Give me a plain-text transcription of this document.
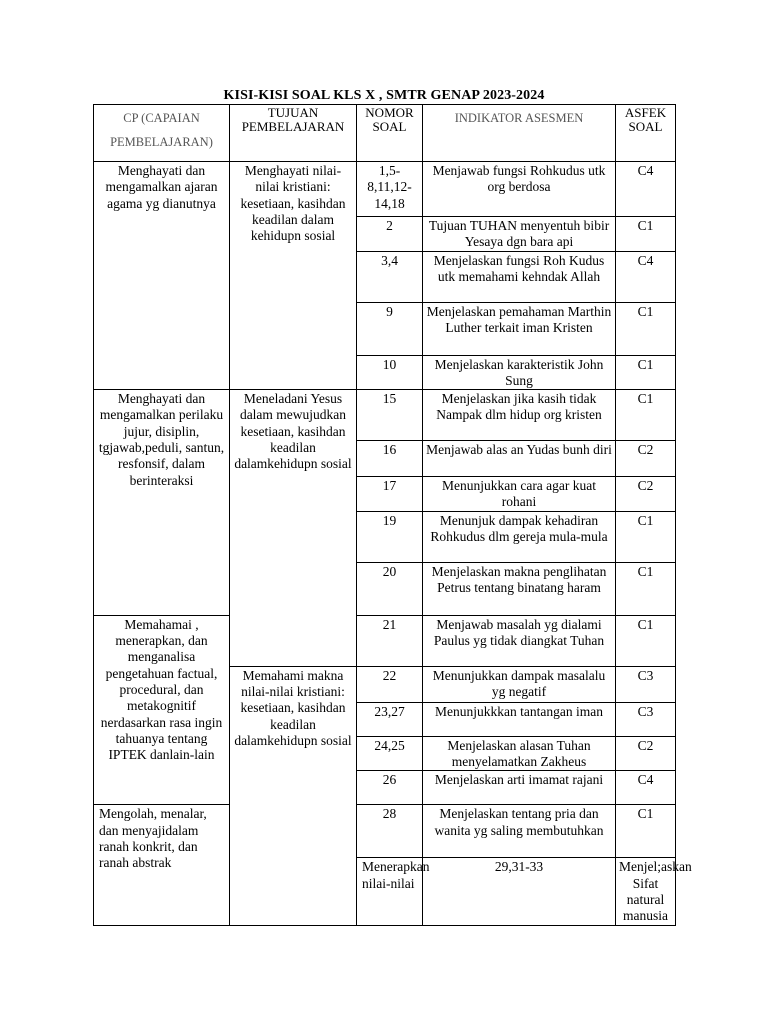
KISI-KISI SOAL KLS X , SMTR GENAP 2023-2024
CP (CAPAIAN PEMBELAJARAN)	TUJUAN PEMBELAJARAN	NOMOR SOAL	INDIKATOR ASESMEN	ASFEK SOAL	
Menghayati dan mengamalkan ajaran agama yg dianutnya	Menghayati nilai-nilai kristiani: kesetiaan, kasihdan keadilan dalam kehidupn sosial	1,5-8,11,12-14,18	Menjawab fungsi Rohkudus utk org berdosa	C4	
		2	Tujuan TUHAN menyentuh bibir Yesaya dgn bara api	C1	
		3,4	Menjelaskan fungsi Roh Kudus utk memahami kehndak Allah	C4	
		9	Menjelaskan pemahaman Marthin Luther terkait iman Kristen	C1	
		10	Menjelaskan karakteristik John Sung	C1	
Menghayati dan mengamalkan perilaku jujur, disiplin, tgjawab,peduli, santun, resfonsif, dalam berinteraksi	Meneladani Yesus dalam mewujudkan kesetiaan, kasihdan keadilan dalamkehidupn sosial	15	Menjelaskan jika kasih tidak Nampak dlm hidup org kristen	C1	
		16	Menjawab alas an Yudas bunh diri	C2	
		17	Menunjukkan cara agar kuat rohani	C2	
		19	Menunjuk dampak kehadiran Rohkudus dlm gereja mula-mula	C1	
		20	Menjelaskan makna penglihatan Petrus tentang binatang haram	C1	
Memahamai , menerapkan, dan menganalisa pengetahuan factual, procedural, dan metakognitif nerdasarkan rasa ingin tahuanya tentang IPTEK danlain-lain		21	Menjawab masalah yg dialami Paulus yg tidak diangkat Tuhan	C1	
	Memahami makna nilai-nilai kristiani: kesetiaan, kasihdan keadilan dalamkehidupn sosial	22	Menunjukkan dampak masalalu yg negatif	C3	
		23,27	Menunjukkkan tantangan iman	C3	
		24,25	Menjelaskan alasan Tuhan menyelamatkan Zakheus	C2	
		26	Menjelaskan arti imamat rajani	C4	
Mengolah, menalar, dan menyajidalam ranah konkrit, dan ranah abstrak		28	Menjelaskan tentang pria dan wanita yg saling membutuhkan	C1	
		Menerapkan nilai-nilai	29,31-33	Menjel;askan Sifat natural manusia	
